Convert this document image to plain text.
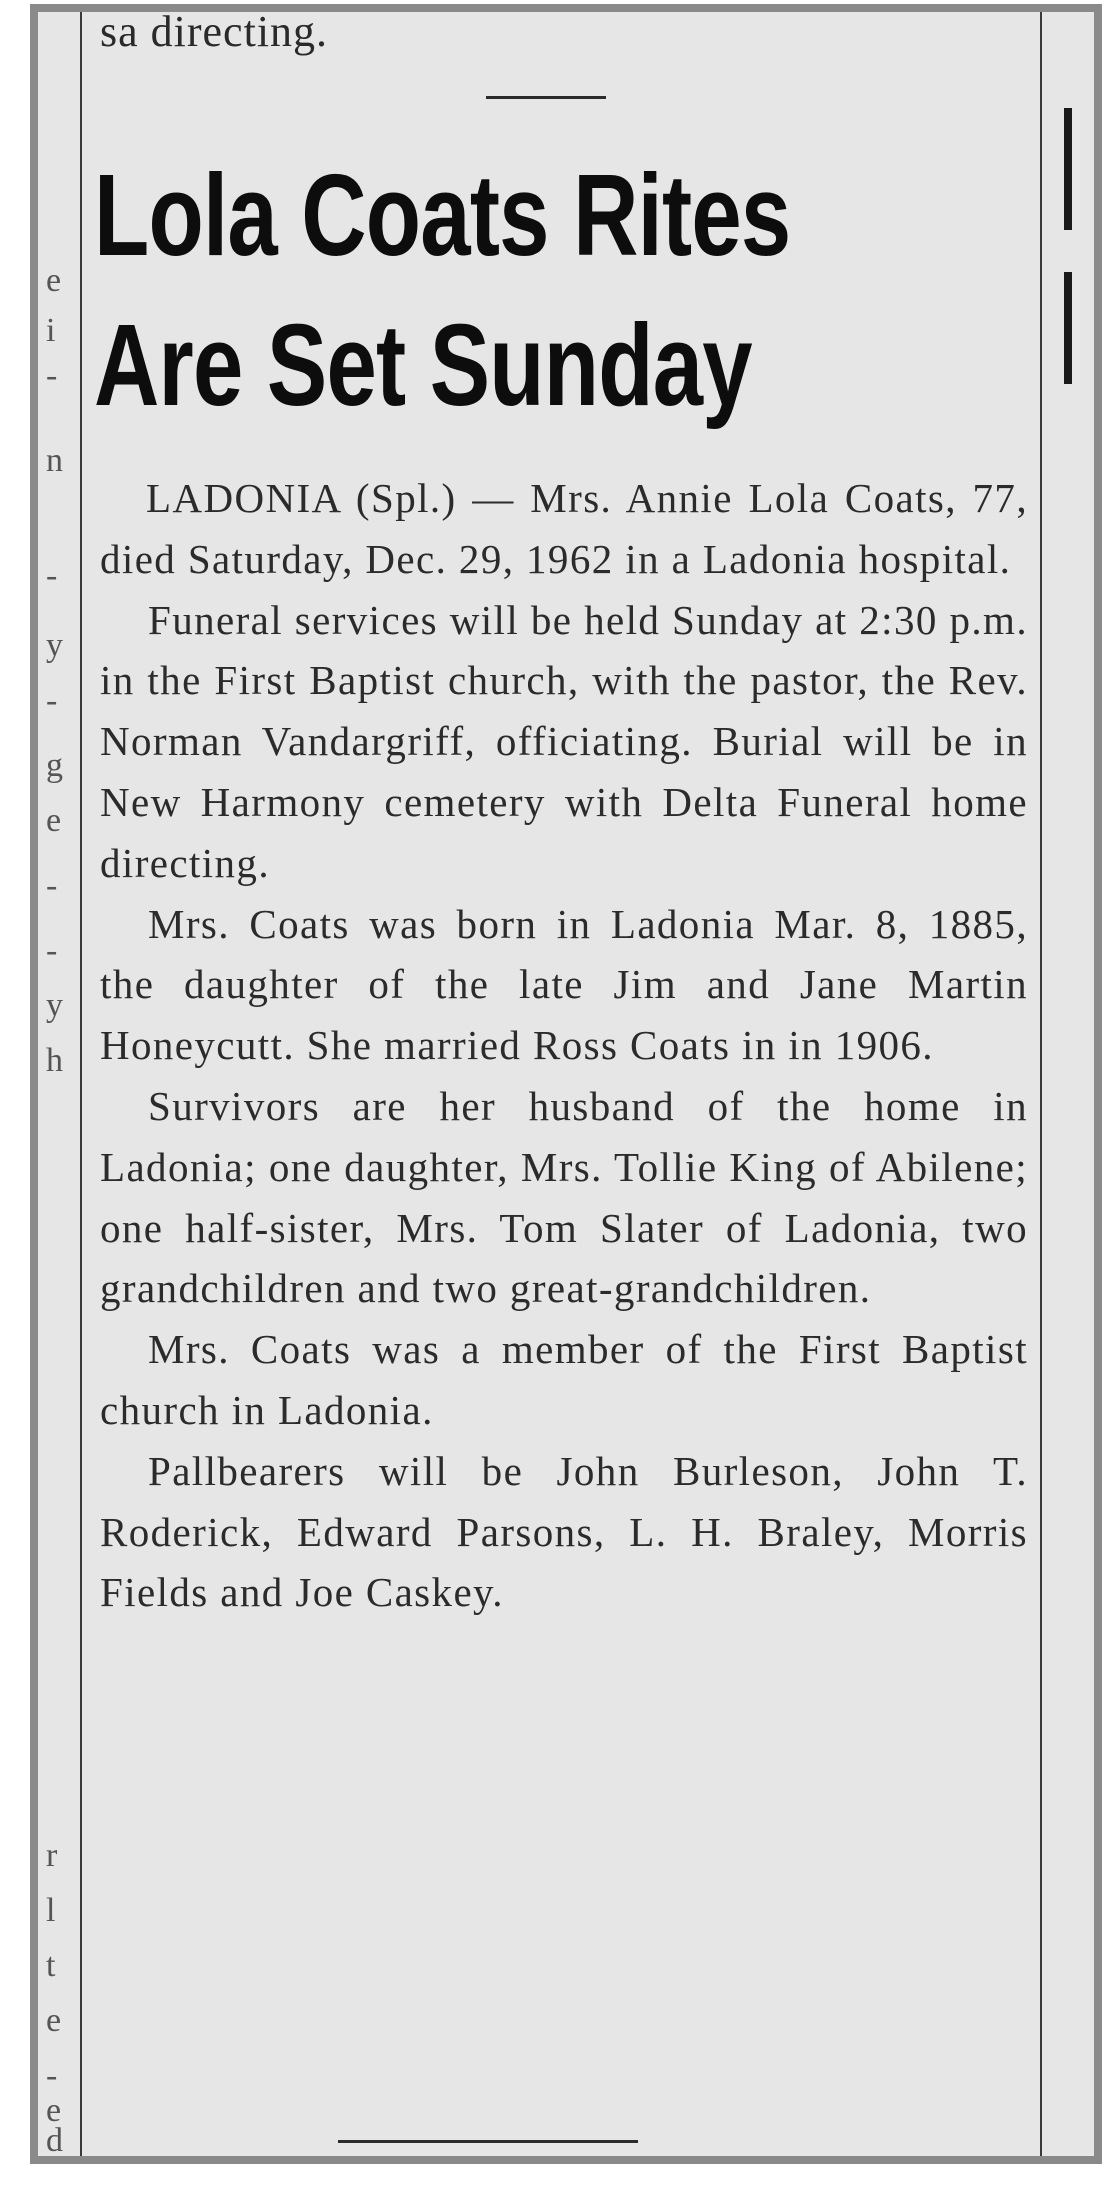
e
i
-
n
-
y
-
g
e
-
-
y
h
r
l
t
e
-
e
d
sa directing.
Lola Coats Rites
Are Set Sunday

LADONIA (Spl.) — Mrs. Annie Lola Coats, 77, died Saturday, Dec. 29, 1962 in a Ladonia hospital.

Funeral services will be held Sunday at 2:30 p.m. in the First Baptist church, with the pastor, the Rev. Norman Vandargriff, officiating. Burial will be in New Harmony cemetery with Delta Funeral home directing.

Mrs. Coats was born in Ladonia Mar. 8, 1885, the daughter of the late Jim and Jane Martin Honeycutt. She married Ross Coats in in 1906.

Survivors are her husband of the home in Ladonia; one daughter, Mrs. Tollie King of Abilene; one half-sister, Mrs. Tom Slater of Ladonia, two grandchildren and two great-grandchildren.

Mrs. Coats was a member of the First Baptist church in Ladonia.

Pallbearers will be John Burleson, John T. Roderick, Edward Parsons, L. H. Braley, Morris Fields and Joe Caskey.
